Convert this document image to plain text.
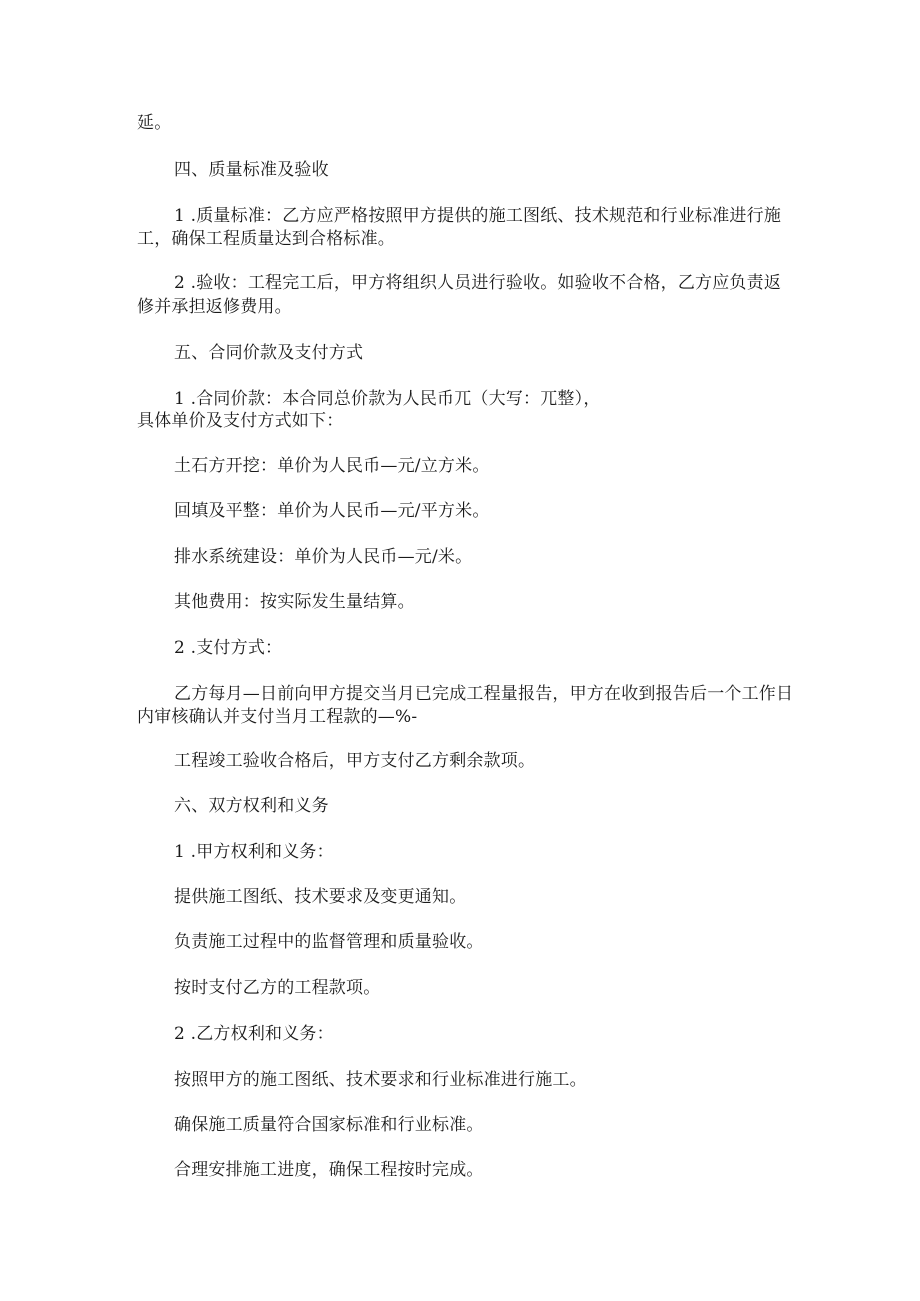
延。

四、质量标准及验收

1 .质量标准：乙方应严格按照甲方提供的施工图纸、技术规范和行业标准进行施

工，确保工程质量达到合格标准。

2 .验收：工程完工后，甲方将组织人员进行验收。如验收不合格，乙方应负责返

修并承担返修费用。

五、合同价款及支付方式

1 .合同价款：本合同总价款为人民币兀（大写：兀整），

具体单价及支付方式如下：

土石方开挖：单价为人民币—元/立方米。

回填及平整：单价为人民币—元/平方米。

排水系统建设：单价为人民币—元/米。

其他费用：按实际发生量结算。

2 .支付方式：

乙方每月—日前向甲方提交当月已完成工程量报告，甲方在收到报告后一个工作日

内审核确认并支付当月工程款的—%-

工程竣工验收合格后，甲方支付乙方剩余款项。

六、双方权利和义务

1 .甲方权利和义务：

提供施工图纸、技术要求及变更通知。

负责施工过程中的监督管理和质量验收。

按时支付乙方的工程款项。

2 .乙方权利和义务：

按照甲方的施工图纸、技术要求和行业标准进行施工。

确保施工质量符合国家标准和行业标准。

合理安排施工进度，确保工程按时完成。
